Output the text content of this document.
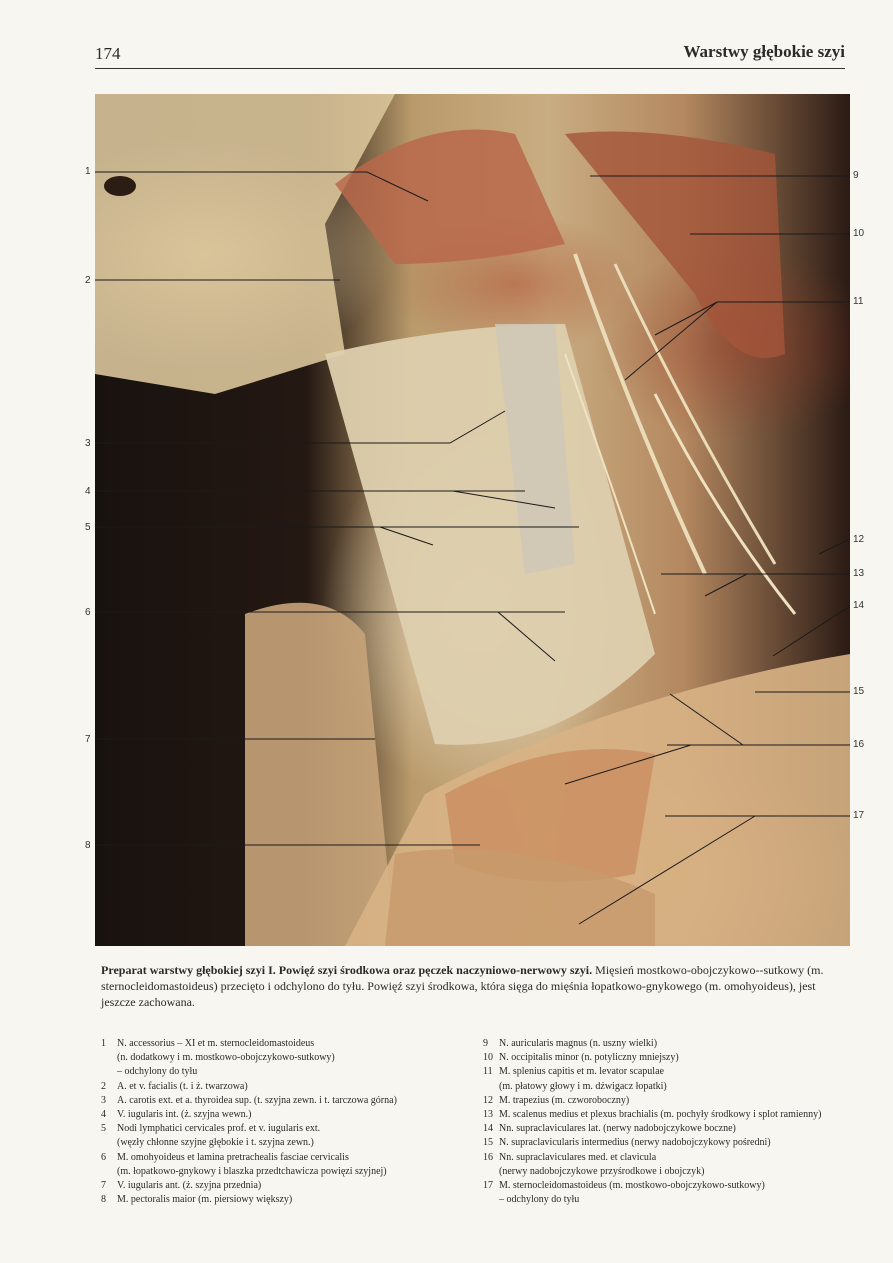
174	Warstwy głębokie szyi
1
2
3
4
5
6
7
8
9
10
11
12
13
14
15
16
17
Preparat warstwy głębokiej szyi I. Powięź szyi środkowa oraz pęczek naczyniowo-nerwowy szyi. Mięsień mostkowo-obojczykowo--sutkowy (m. sternocleidomastoideus) przecięto i odchylono do tyłu. Powięź szyi środkowa, która sięga do mięśnia łopatkowo-gnykowego (m. omohyoideus), jest jeszcze zachowana.
1	N. accessorius – XI et m. sternocleidomastoideus
(n. dodatkowy i m. mostkowo-obojczykowo-sutkowy)
– odchylony do tyłu
2	A. et v. facialis (t. i ż. twarzowa)
3	A. carotis ext. et a. thyroidea sup. (t. szyjna zewn. i t. tarczowa górna)
4	V. iugularis int. (ż. szyjna wewn.)
5	Nodi lymphatici cervicales prof. et v. iugularis ext.
(węzły chłonne szyjne głębokie i t. szyjna zewn.)
6	M. omohyoideus et lamina pretrachealis fasciae cervicalis
(m. łopatkowo-gnykowy i blaszka przedtchawicza powięzi szyjnej)
7	V. iugularis ant. (ż. szyjna przednia)
8	M. pectoralis maior (m. piersiowy większy)
9	N. auricularis magnus (n. uszny wielki)
10 N. occipitalis minor (n. potyliczny mniejszy)
11 M. splenius capitis et m. levator scapulae
(m. płatowy głowy i m. dźwigacz łopatki)
12 M. trapezius (m. czworoboczny)
13 M. scalenus medius et plexus brachialis (m. pochyły środkowy i splot ramienny)
14 Nn. supraclaviculares lat. (nerwy nadobojczykowe boczne)
15 N. supraclavicularis intermedius (nerwy nadobojczykowy pośredni)
16 Nn. supraclaviculares med. et clavicula
(nerwy nadobojczykowe przyśrodkowe i obojczyk)
17 M. sternocleidomastoideus (m. mostkowo-obojczykowo-sutkowy)
– odchylony do tyłu
